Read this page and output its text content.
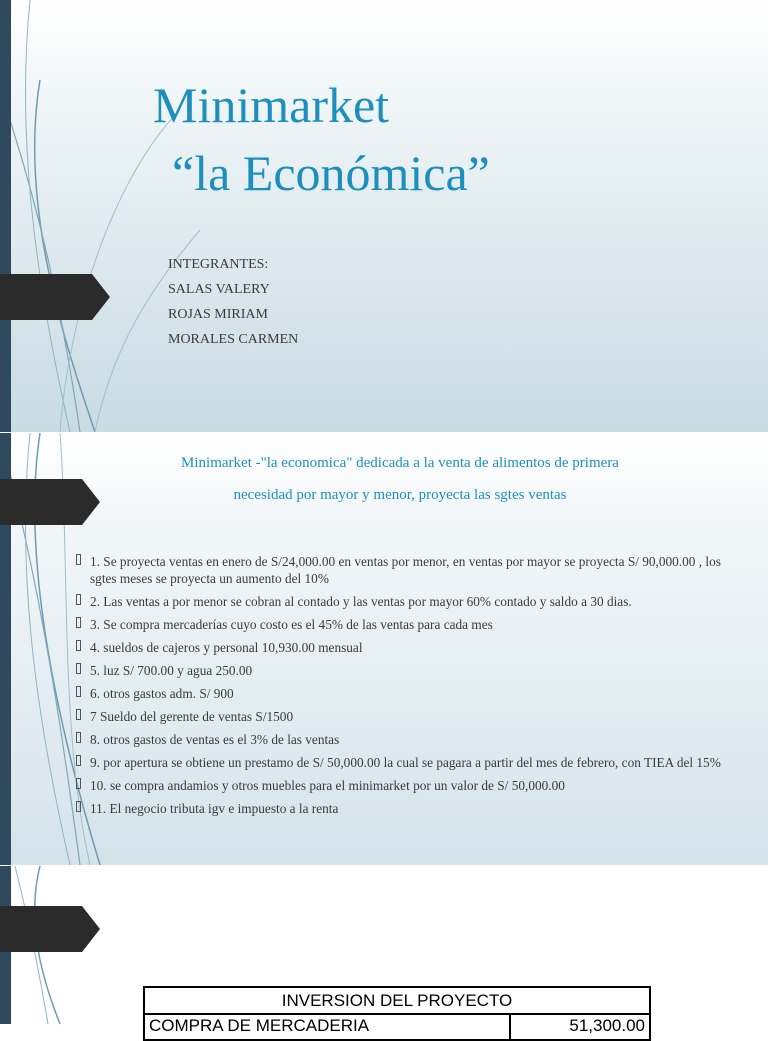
Minimarket
“la Económica”
INTEGRANTES:
SALAS VALERY
ROJAS MIRIAM
MORALES CARMEN
Minimarket -"la economica" dedicada a la venta de alimentos de primera
necesidad por mayor y menor, proyecta las sgtes ventas
1. Se proyecta ventas en enero de S/24,000.00 en ventas por menor, en ventas por mayor se proyecta S/ 90,000.00 , los sgtes meses se proyecta un aumento del 10%
2. Las ventas a por menor se cobran al contado y las ventas por mayor 60% contado y saldo a 30 dias.
3. Se compra mercaderías cuyo costo es el 45% de las ventas para cada mes
4. sueldos de cajeros y personal 10,930.00 mensual
5. luz S/ 700.00 y agua 250.00
6. otros gastos adm. S/ 900
7 Sueldo del gerente de ventas S/1500
8. otros gastos de ventas es el 3% de las ventas
9. por apertura se obtiene un prestamo de S/ 50,000.00 la cual se pagara a partir del mes de febrero, con TIEA del 15%
10. se compra andamios y otros muebles para el minimarket por un valor de S/ 50,000.00
11. El negocio tributa igv e impuesto a la renta
INVERSION DEL PROYECTO
COMPRA DE MERCADERIA	51,300.00
